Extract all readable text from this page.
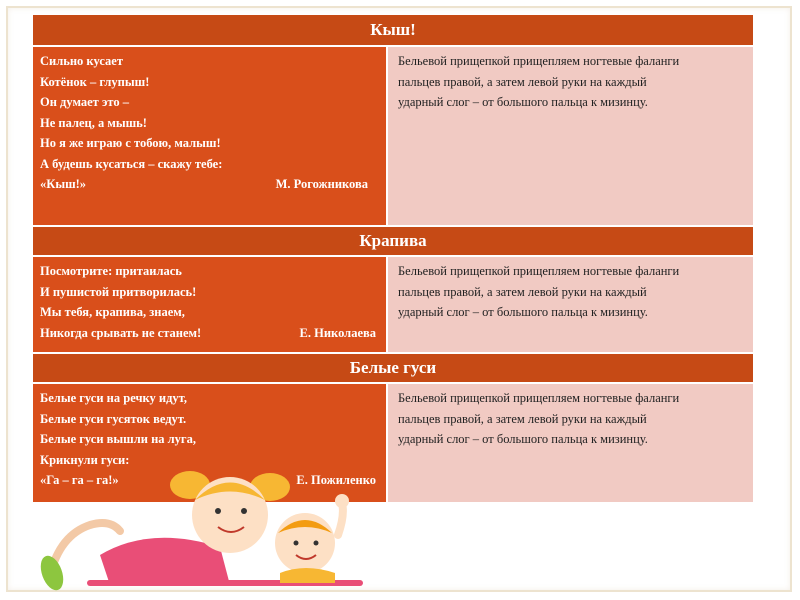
Кыш!
Сильно кусает
Котёнок – глупыш!
Он думает это –
Не палец, а мышь!
Но я же играю с тобою, малыш!
А будешь кусаться – скажу тебе:
«Кыш!»	М. Рогожникова
Бельевой прищепкой прищепляем ногтевые фаланги
пальцев правой, а затем левой руки на каждый
ударный слог – от большого пальца к мизинцу.
Крапива
Посмотрите: притаилась
И пушистой притворилась!
Мы тебя, крапива, знаем,
Никогда срывать не станем!	Е. Николаева
Бельевой прищепкой прищепляем ногтевые фаланги
пальцев правой, а затем левой руки на каждый
ударный слог – от большого пальца к мизинцу.
Белые гуси
Белые гуси на речку идут,
Белые гуси гусяток ведут.
Белые гуси вышли на луга,
Крикнули гуси:
«Га – га – га!»	Е. Пожиленко
Бельевой прищепкой прищепляем ногтевые фаланги
пальцев правой, а затем левой руки на каждый
ударный слог – от большого пальца к мизинцу.
